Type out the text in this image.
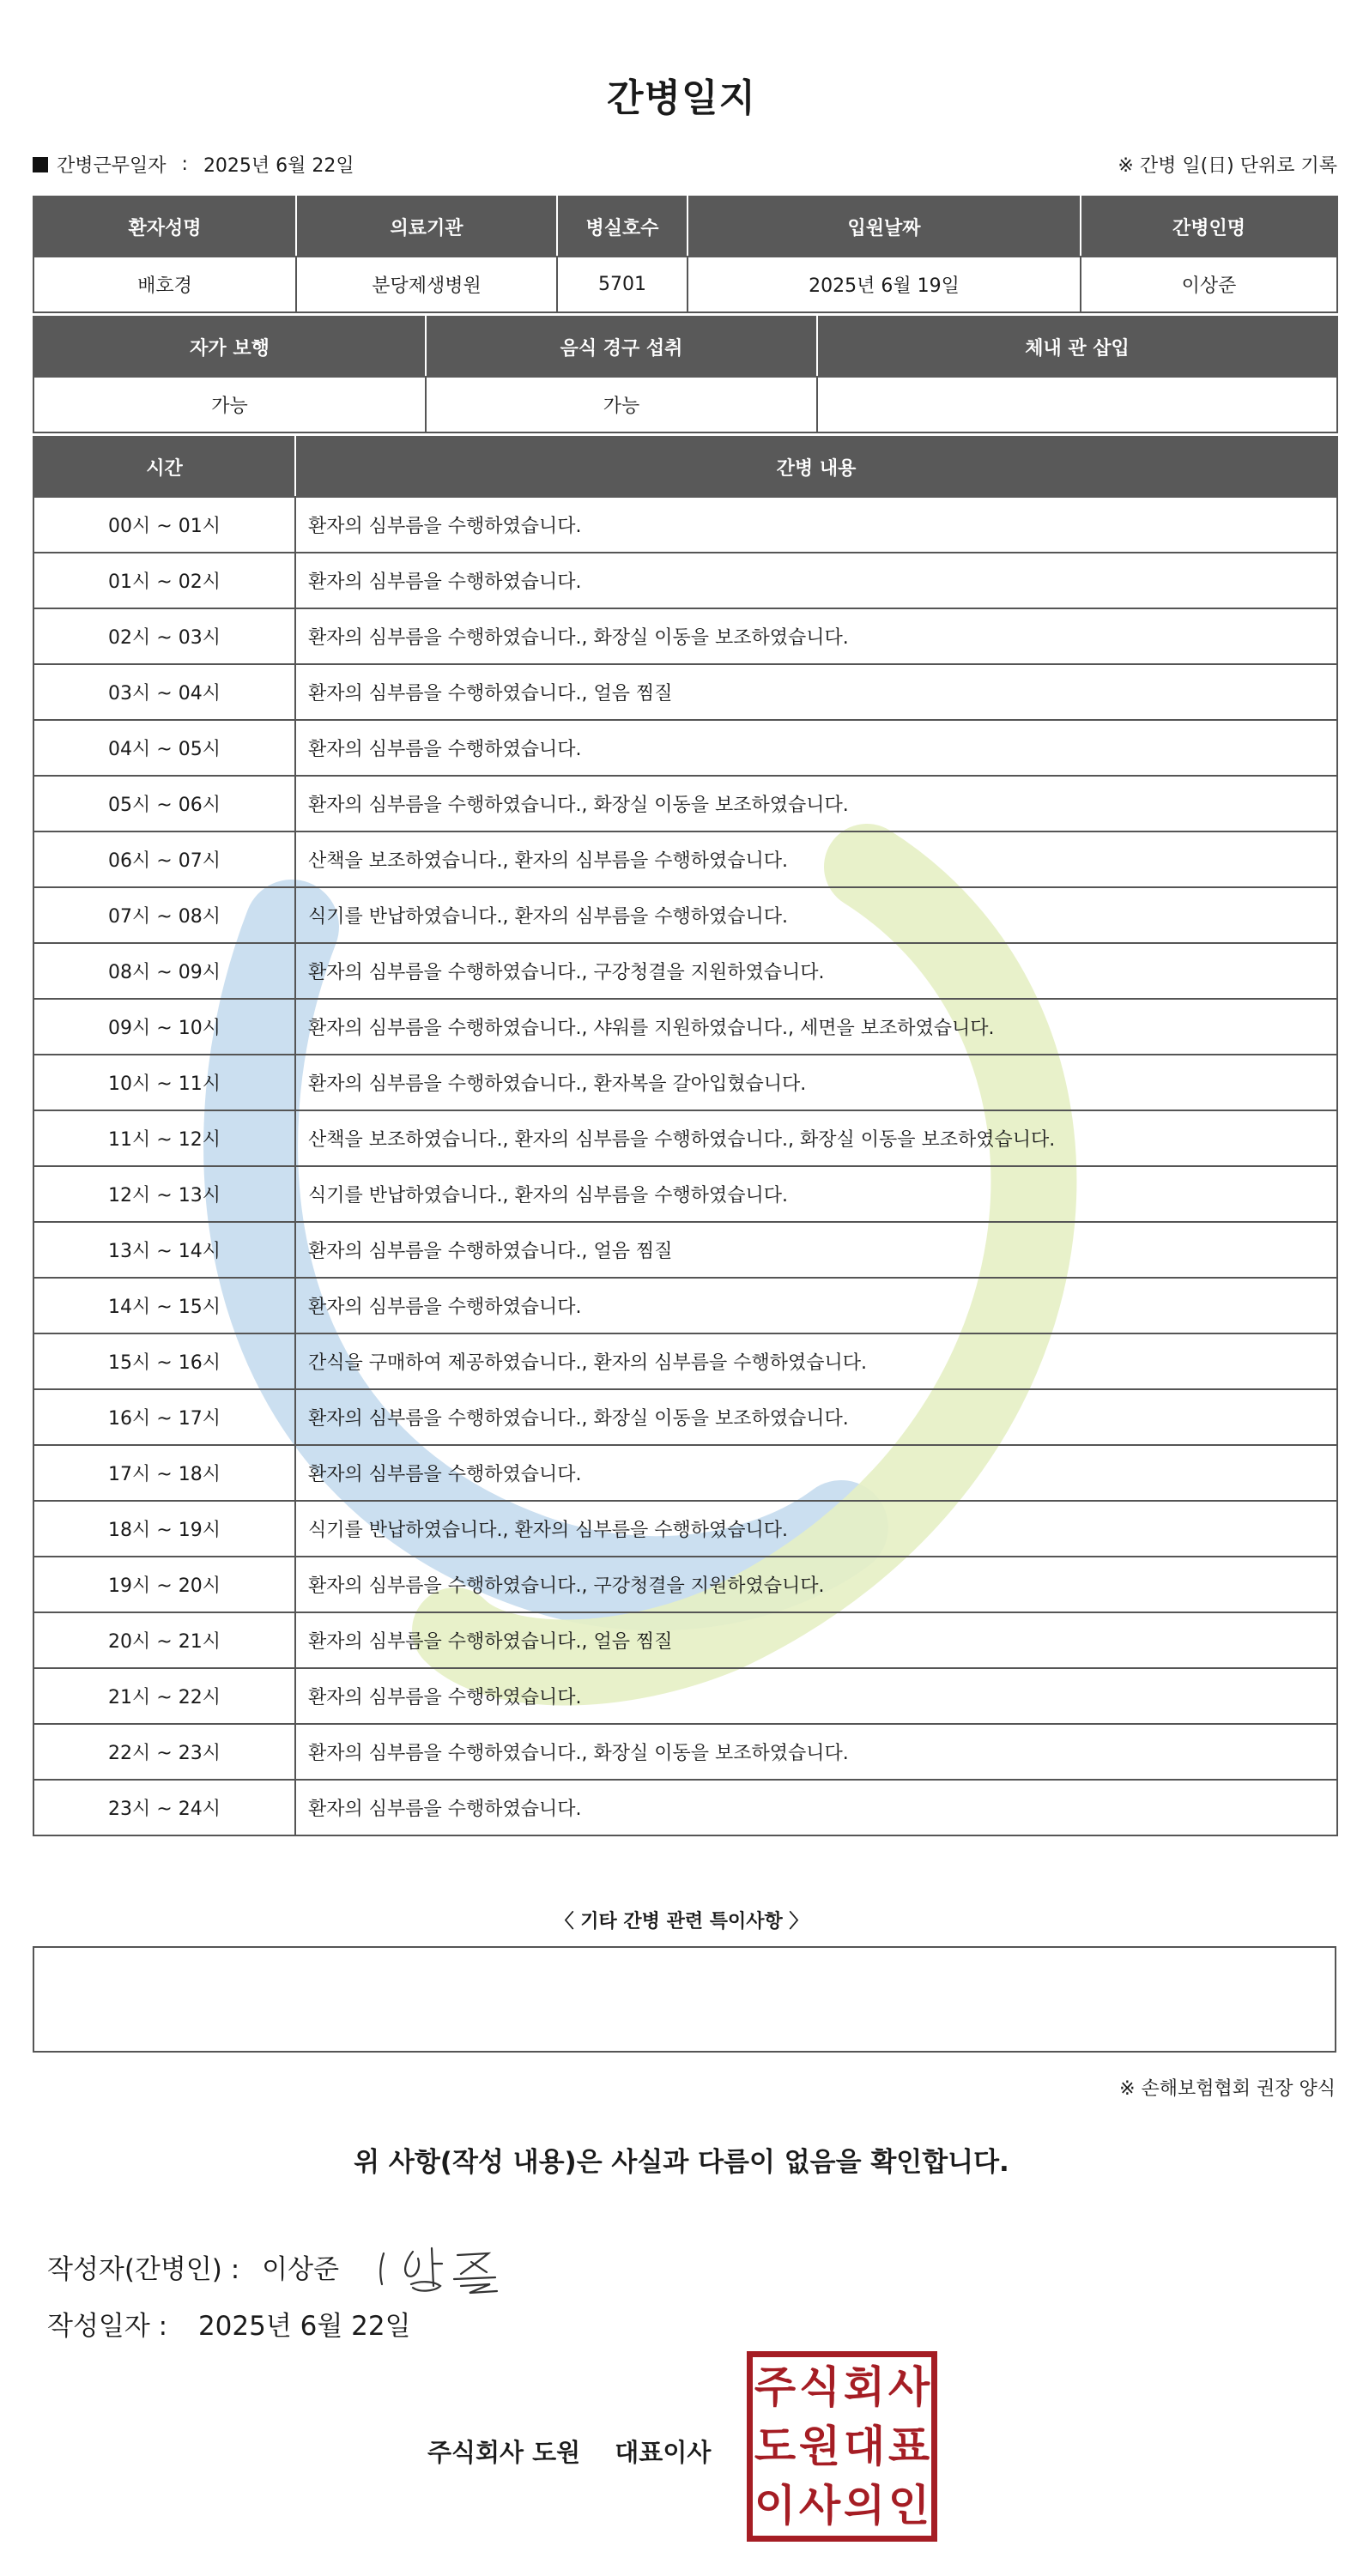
간병일지
간병근무일자 : 2025년 6월 22일	※ 간병 일(日) 단위로 기록
환자성명	의료기관	병실호수	입원날짜	간병인명
배호경	분당제생병원	5701	2025년 6월 19일	이상준
자가 보행	음식 경구 섭취	체내 관 삽입
가능	가능	
시간	간병 내용
00시 ~ 01시	환자의 심부름을 수행하였습니다.
01시 ~ 02시	환자의 심부름을 수행하였습니다.
02시 ~ 03시	환자의 심부름을 수행하였습니다., 화장실 이동을 보조하였습니다.
03시 ~ 04시	환자의 심부름을 수행하였습니다., 얼음 찜질
04시 ~ 05시	환자의 심부름을 수행하였습니다.
05시 ~ 06시	환자의 심부름을 수행하였습니다., 화장실 이동을 보조하였습니다.
06시 ~ 07시	산책을 보조하였습니다., 환자의 심부름을 수행하였습니다.
07시 ~ 08시	식기를 반납하였습니다., 환자의 심부름을 수행하였습니다.
08시 ~ 09시	환자의 심부름을 수행하였습니다., 구강청결을 지원하였습니다.
09시 ~ 10시	환자의 심부름을 수행하였습니다., 샤워를 지원하였습니다., 세면을 보조하였습니다.
10시 ~ 11시	환자의 심부름을 수행하였습니다., 환자복을 갈아입혔습니다.
11시 ~ 12시	산책을 보조하였습니다., 환자의 심부름을 수행하였습니다., 화장실 이동을 보조하였습니다.
12시 ~ 13시	식기를 반납하였습니다., 환자의 심부름을 수행하였습니다.
13시 ~ 14시	환자의 심부름을 수행하였습니다., 얼음 찜질
14시 ~ 15시	환자의 심부름을 수행하였습니다.
15시 ~ 16시	간식을 구매하여 제공하였습니다., 환자의 심부름을 수행하였습니다.
16시 ~ 17시	환자의 심부름을 수행하였습니다., 화장실 이동을 보조하였습니다.
17시 ~ 18시	환자의 심부름을 수행하였습니다.
18시 ~ 19시	식기를 반납하였습니다., 환자의 심부름을 수행하였습니다.
19시 ~ 20시	환자의 심부름을 수행하였습니다., 구강청결을 지원하였습니다.
20시 ~ 21시	환자의 심부름을 수행하였습니다., 얼음 찜질
21시 ~ 22시	환자의 심부름을 수행하였습니다.
22시 ~ 23시	환자의 심부름을 수행하였습니다., 화장실 이동을 보조하였습니다.
23시 ~ 24시	환자의 심부름을 수행하였습니다.
〈 기타 간병 관련 특이사항 〉
※ 손해보험협회 권장 양식
위 사항(작성 내용)은 사실과 다름이 없음을 확인합니다.
작성자(간병인) : 이상준
작성일자 : 2025년 6월 22일
주식회사 도원 대표이사
주 식 회 사
도 원 대 표
이 사 의 인
